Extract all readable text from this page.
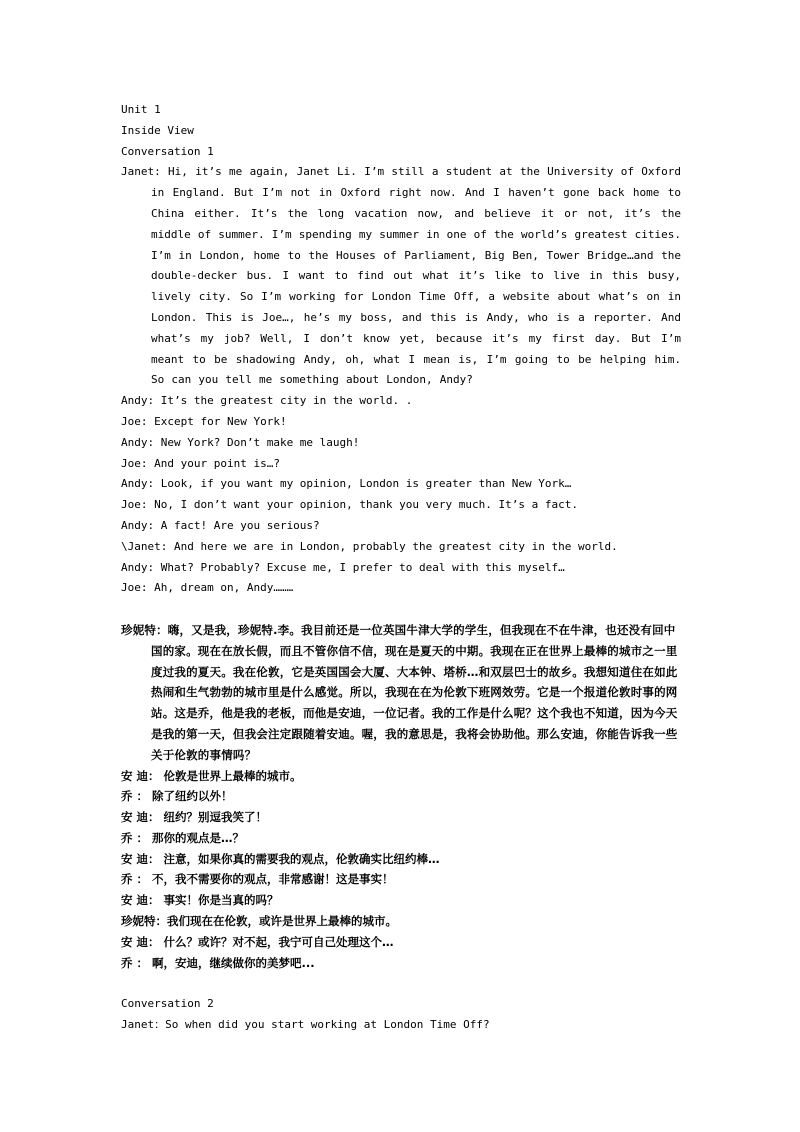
Unit 1
Inside View
Conversation 1
Janet: Hi, it’s me again, Janet Li. I’m still a student at the University of Oxford in England. But I’m not in Oxford right now. And I haven’t gone back home to China either. It’s the long vacation now, and believe it or not, it’s the middle of summer. I’m spending my summer in one of the world’s greatest cities. I’m in London, home to the Houses of Parliament, Big Ben, Tower Bridge…and the double-decker bus. I want to find out what it’s like to live in this busy, lively city. So I’m working for London Time Off, a website about what’s on in London. This is Joe…, he’s my boss, and this is Andy, who is a reporter. And what’s my job? Well, I don’t know yet, because it’s my first day. But I’m meant to be shadowing Andy, oh, what I mean is, I’m going to be helping him. So can you tell me something about London, Andy?
Andy: It’s the greatest city in the world. .
Joe: Except for New York!
Andy: New York? Don’t make me laugh!
Joe: And your point is…?
Andy: Look, if you want my opinion, London is greater than New York…
Joe: No, I don’t want your opinion, thank you very much. It’s a fact.
Andy: A fact! Are you serious?
\Janet: And here we are in London, probably the greatest city in the world.
Andy: What? Probably? Excuse me, I prefer to deal with this myself…
Joe: Ah, dream on, Andy………
珍妮特：嗨，又是我，珍妮特.李。我目前还是一位英国牛津大学的学生，但我现在不在牛津，也还没有回中国的家。现在在放长假，而且不管你信不信，现在是夏天的中期。我现在正在世界上最棒的城市之一里度过我的夏天。我在伦敦，它是英国国会大厦、大本钟、塔桥…和双层巴士的故乡。我想知道住在如此热闹和生气勃勃的城市里是什么感觉。所以，我现在在为伦敦下班网效劳。它是一个报道伦敦时事的网站。这是乔，他是我的老板，而他是安迪，一位记者。我的工作是什么呢？这个我也不知道，因为今天是我的第一天，但我会注定跟随着安迪。喔，我的意思是，我将会协助他。那么安迪，你能告诉我一些关于伦敦的事情吗？
安 迪： 伦敦是世界上最棒的城市。
乔 ： 除了纽约以外！
安 迪： 纽约？别逗我笑了！
乔 ： 那你的观点是…？
安 迪： 注意，如果你真的需要我的观点，伦敦确实比纽约棒…
乔 ： 不，我不需要你的观点，非常感谢！这是事实！
安 迪： 事实！你是当真的吗？
珍妮特：我们现在在伦敦，或许是世界上最棒的城市。
安 迪： 什么？或许？对不起，我宁可自己处理这个…
乔 ： 啊，安迪，继续做你的美梦吧...
Conversation 2
Janet：So when did you start working at London Time Off?
